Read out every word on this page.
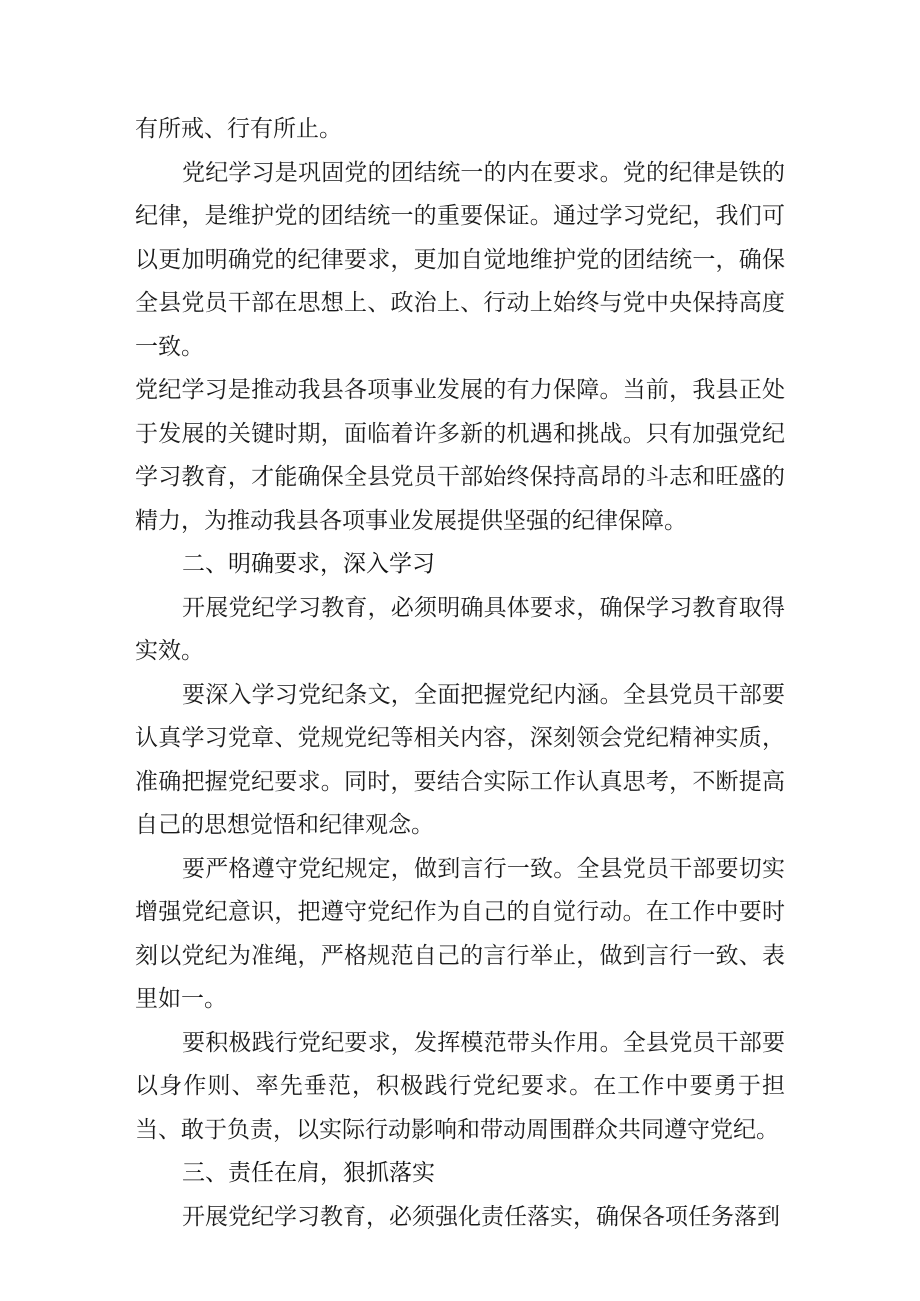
有所戒、行有所止。

党纪学习是巩固党的团结统一的内在要求。党的纪律是铁的纪律，是维护党的团结统一的重要保证。通过学习党纪，我们可以更加明确党的纪律要求，更加自觉地维护党的团结统一，确保全县党员干部在思想上、政治上、行动上始终与党中央保持高度一致。

党纪学习是推动我县各项事业发展的有力保障。当前，我县正处于发展的关键时期，面临着许多新的机遇和挑战。只有加强党纪学习教育，才能确保全县党员干部始终保持高昂的斗志和旺盛的精力，为推动我县各项事业发展提供坚强的纪律保障。

二、明确要求，深入学习

开展党纪学习教育，必须明确具体要求，确保学习教育取得实效。

要深入学习党纪条文，全面把握党纪内涵。全县党员干部要认真学习党章、党规党纪等相关内容，深刻领会党纪精神实质，准确把握党纪要求。同时，要结合实际工作认真思考，不断提高自己的思想觉悟和纪律观念。

要严格遵守党纪规定，做到言行一致。全县党员干部要切实增强党纪意识，把遵守党纪作为自己的自觉行动。在工作中要时刻以党纪为准绳，严格规范自己的言行举止，做到言行一致、表里如一。

要积极践行党纪要求，发挥模范带头作用。全县党员干部要以身作则、率先垂范，积极践行党纪要求。在工作中要勇于担当、敢于负责，以实际行动影响和带动周围群众共同遵守党纪。

三、责任在肩，狠抓落实

开展党纪学习教育，必须强化责任落实，确保各项任务落到
